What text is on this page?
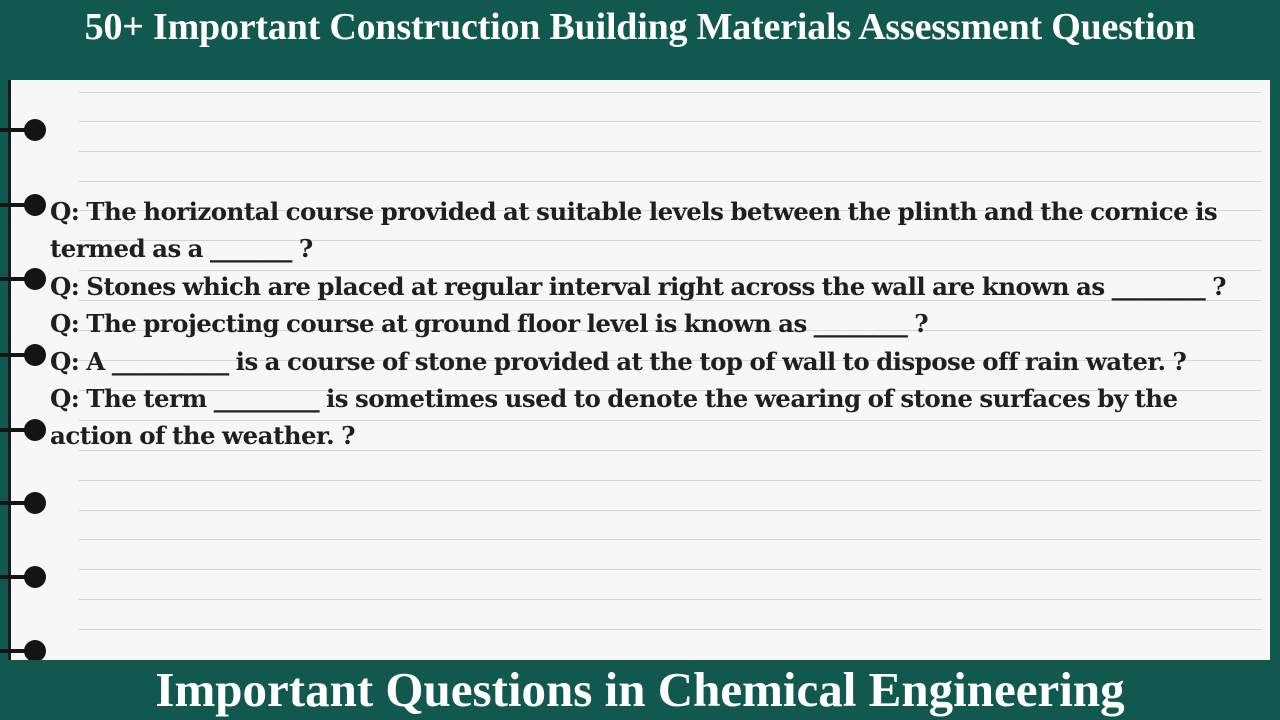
50+ Important Construction Building Materials Assessment Question

Q: The horizontal course provided at suitable levels between the plinth and the cornice is termed as a _______ ?

Q: Stones which are placed at regular interval right across the wall are known as ________ ?

Q: The projecting course at ground floor level is known as ________ ?

Q: A __________ is a course of stone provided at the top of wall to dispose off rain water. ?

Q: The term _________ is sometimes used to denote the wearing of stone surfaces by the action of the weather. ?

Important Questions in Chemical Engineering
